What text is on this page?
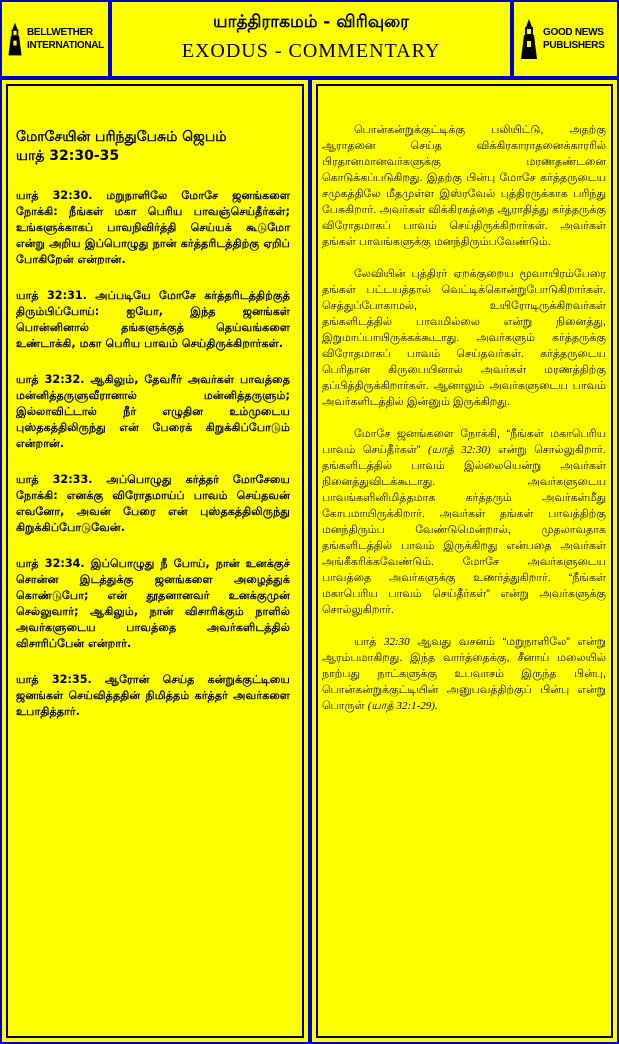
BELLWETHER
INTERNATIONAL
யாத்திராகமம் - விரிவுரை
EXODUS - COMMENTARY
GOOD NEWS
PUBLISHERS
மோசேயின் பரிந்துபேசும் ஜெபம்
யாத் 32:30-35

யாத் 32:30. மறுநாளிலே மோசே ஜனங்களை நோக்கி: நீங்கள் மகா பெரிய பாவஞ்செய்தீர்கள்; உங்களுக்காகப் பாவநிவிர்த்தி செய்யக் கூடுமோ என்று அறிய இப்பொழுது நான் கர்த்தரிடத்திற்கு ஏறிப் போகிறேன் என்றான்.

யாத் 32:31. அப்படியே மோசே கர்த்தரிடத்திற்குத் திரும்பிப்போய்: ஐயோ, இந்த ஜனங்கள் பொன்னினால் தங்களுக்குத் தெய்வங்களை உண்டாக்கி, மகா பெரிய பாவம் செய்திருக்கிறார்கள்.

யாத் 32:32. ஆகிலும், தேவரீர் அவர்கள் பாவத்தை மன்னித்தருளுவீரானால் மன்னித்தருளும்; இல்லாவிட்டால் நீர் எழுதின உம்முடைய புஸ்தகத்திலிருந்து என் பேரைக் கிறுக்கிப்போடும் என்றான்.

யாத் 32:33. அப்பொழுது கர்த்தர் மோசேயை நோக்கி: எனக்கு விரோதமாய்ப் பாவம் செய்தவன் எவனோ, அவன் பேரை என் புஸ்தகத்திலிருந்து கிறுக்கிப்போடுவேன்.

யாத் 32:34. இப்பொழுது நீ போய், நான் உனக்குச் சொன்ன இடத்துக்கு ஜனங்களை அழைத்துக் கொண்டுபோ; என் தூதனானவர் உனக்குமுன் செல்லுவார்; ஆகிலும், நான் விசாரிக்கும் நாளில் அவர்களுடைய பாவத்தை அவர்களிடத்தில் விசாரிப்பேன் என்றார்.

யாத் 32:35. ஆரோன் செய்த கன்றுக்குட்டியை ஜனங்கள் செய்வித்ததின் நிமித்தம் கர்த்தர் அவர்களை உபாதித்தார்.

பொன்கன்றுக்குட்டிக்கு பலியிட்டு, அதற்கு ஆராதனை செய்த விக்கிரகாராதனைக்காரரில் பிரதானமானவர்களுக்கு மரணதண்டனை கொடுக்கப்படுகிறது. இதற்கு பின்பு மோசே கர்த்தருடைய சமுகத்திலே மீதமுள்ள இஸ்ரவேல் புத்திரருக்காக பரிந்து பேசுகிறார். அவர்கள் விக்கிரகத்தை ஆராதித்து கர்த்தருக்கு விரோதமாகப் பாவம் செய்திருக்கிறார்கள். அவர்கள் தங்கள் பாவங்களுக்கு மனந்திரும்பவேண்டும்.

லேவியின் புத்திரர் ஏறக்குறைய மூவாயிரம்பேரை தங்கள் பட்டயத்தால் வெட்டிக்கொன்றுபோடுகிறார்கள். செத்துப்போகாமல், உயிரோடிருக்கிறவர்கள் தங்களிடத்தில் பாவமில்லை என்று நினைத்து, இறுமாப்பாயிருக்கக்கூடாது. அவர்களும் கர்த்தருக்கு விரோதமாகப் பாவம் செய்தவர்கள். கர்த்தருடைய பெரிதான கிருபையினால் அவர்கள் மரணத்திற்கு தப்பித்திருக்கிறார்கள். ஆனாலும் அவர்களுடைய பாவம் அவர்களிடத்தில் இன்னும் இருக்கிறது.

மோசே ஜனங்களை நோக்கி, “நீங்கள் மகாபெரிய பாவம் செய்தீர்கள்” (யாத் 32:30) என்று சொல்லுகிறார். தங்களிடத்தில் பாவம் இல்லையென்று அவர்கள் நினைத்துவிடக்கூடாது. அவர்களுடைய பாவங்களினிமித்தமாக கர்த்தரும் அவர்கள்மீது கோபமாயிருக்கிறார். அவர்கள் தங்கள் பாவத்திற்கு மனந்திரும்ப வேண்டுமென்றால், முதலாவதாக தங்களிடத்தில் பாவம் இருக்கிறது என்பதை அவர்கள் அங்கீகரிக்கவேண்டும். மோசே அவர்களுடைய பாவத்தை அவர்களுக்கு உணர்த்துகிறார். “நீங்கள் மகாபெரிய பாவம் செய்தீர்கள்” என்று அவர்களுக்கு சொல்லுகிறார்.

யாத் 32:30 ஆவது வசனம் “மறுநாளிலே” என்று ஆரம்பமாகிறது. இந்த வார்த்தைக்கு, சீனாய் மலையில் நாற்பது நாட்களுக்கு உபவாசம் இருந்த பின்பு, பொன்கன்றுக்குட்டியின் அனுபவத்திற்குப் பின்பு என்று பொருள் (யாத் 32:1-29).
